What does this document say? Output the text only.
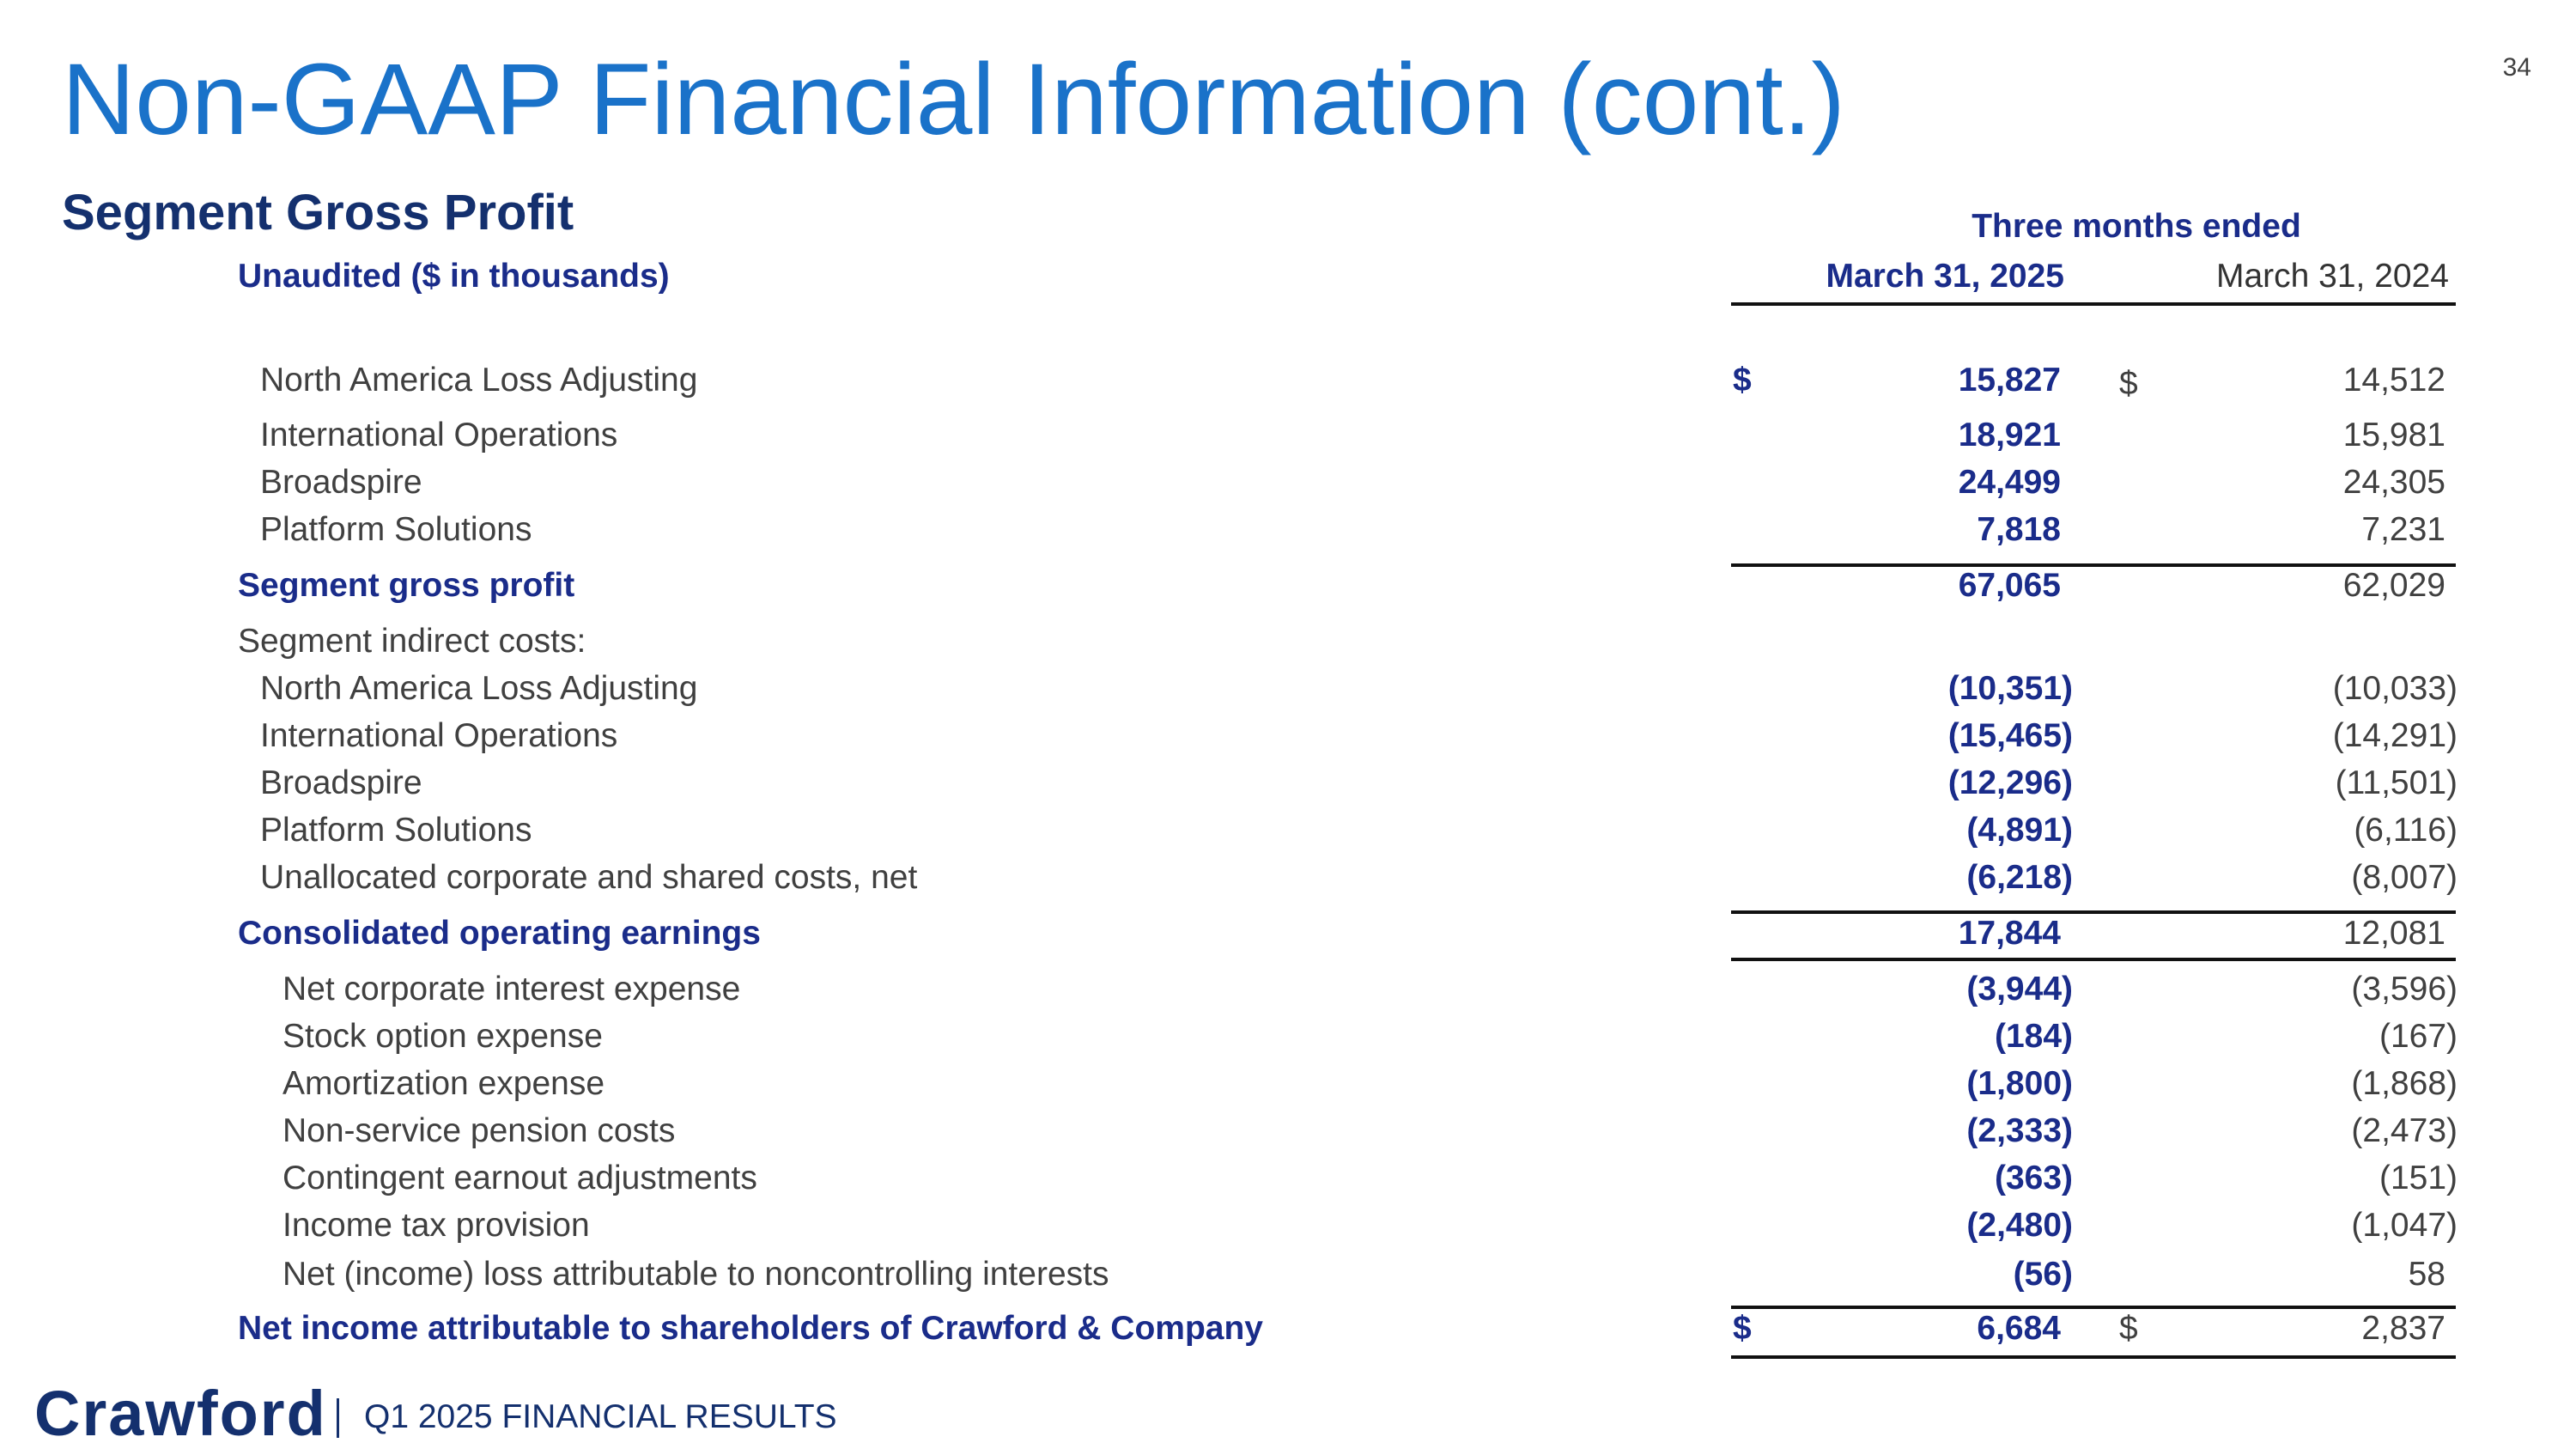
34
Non-GAAP Financial Information (cont.)
Segment Gross Profit	Three months ended
Unaudited ($ in thousands)	March 31, 2025	March 31, 2024
North America Loss Adjusting	$	15,827 $	14,512
International Operations	18,921	15,981
Broadspire	24,499	24,305
Platform Solutions	7,818	7,231
Segment gross profit	67,065	62,029
Segment indirect costs:
North America Loss Adjusting	(10,351)	(10,033)
International Operations	(15,465)	(14,291)
Broadspire	(12,296)	(11,501)
Platform Solutions	(4,891)	(6,116)
Unallocated corporate and shared costs, net	(6,218)	(8,007)
Consolidated operating earnings	17,844	12,081
Net corporate interest expense	(3,944)	(3,596)
Stock option expense	(184)	(167)
Amortization expense	(1,800)	(1,868)
Non-service pension costs	(2,333)	(2,473)
Contingent earnout adjustments	(363)	(151)
Income tax provision	(2,480)	(1,047)
Net (income) loss attributable to noncontrolling interests	(56)	58
Net income attributable to shareholders of Crawford & Company	$	6,684 $	2,837
Crawford Q1 2025 FINANCIAL RESULTS
